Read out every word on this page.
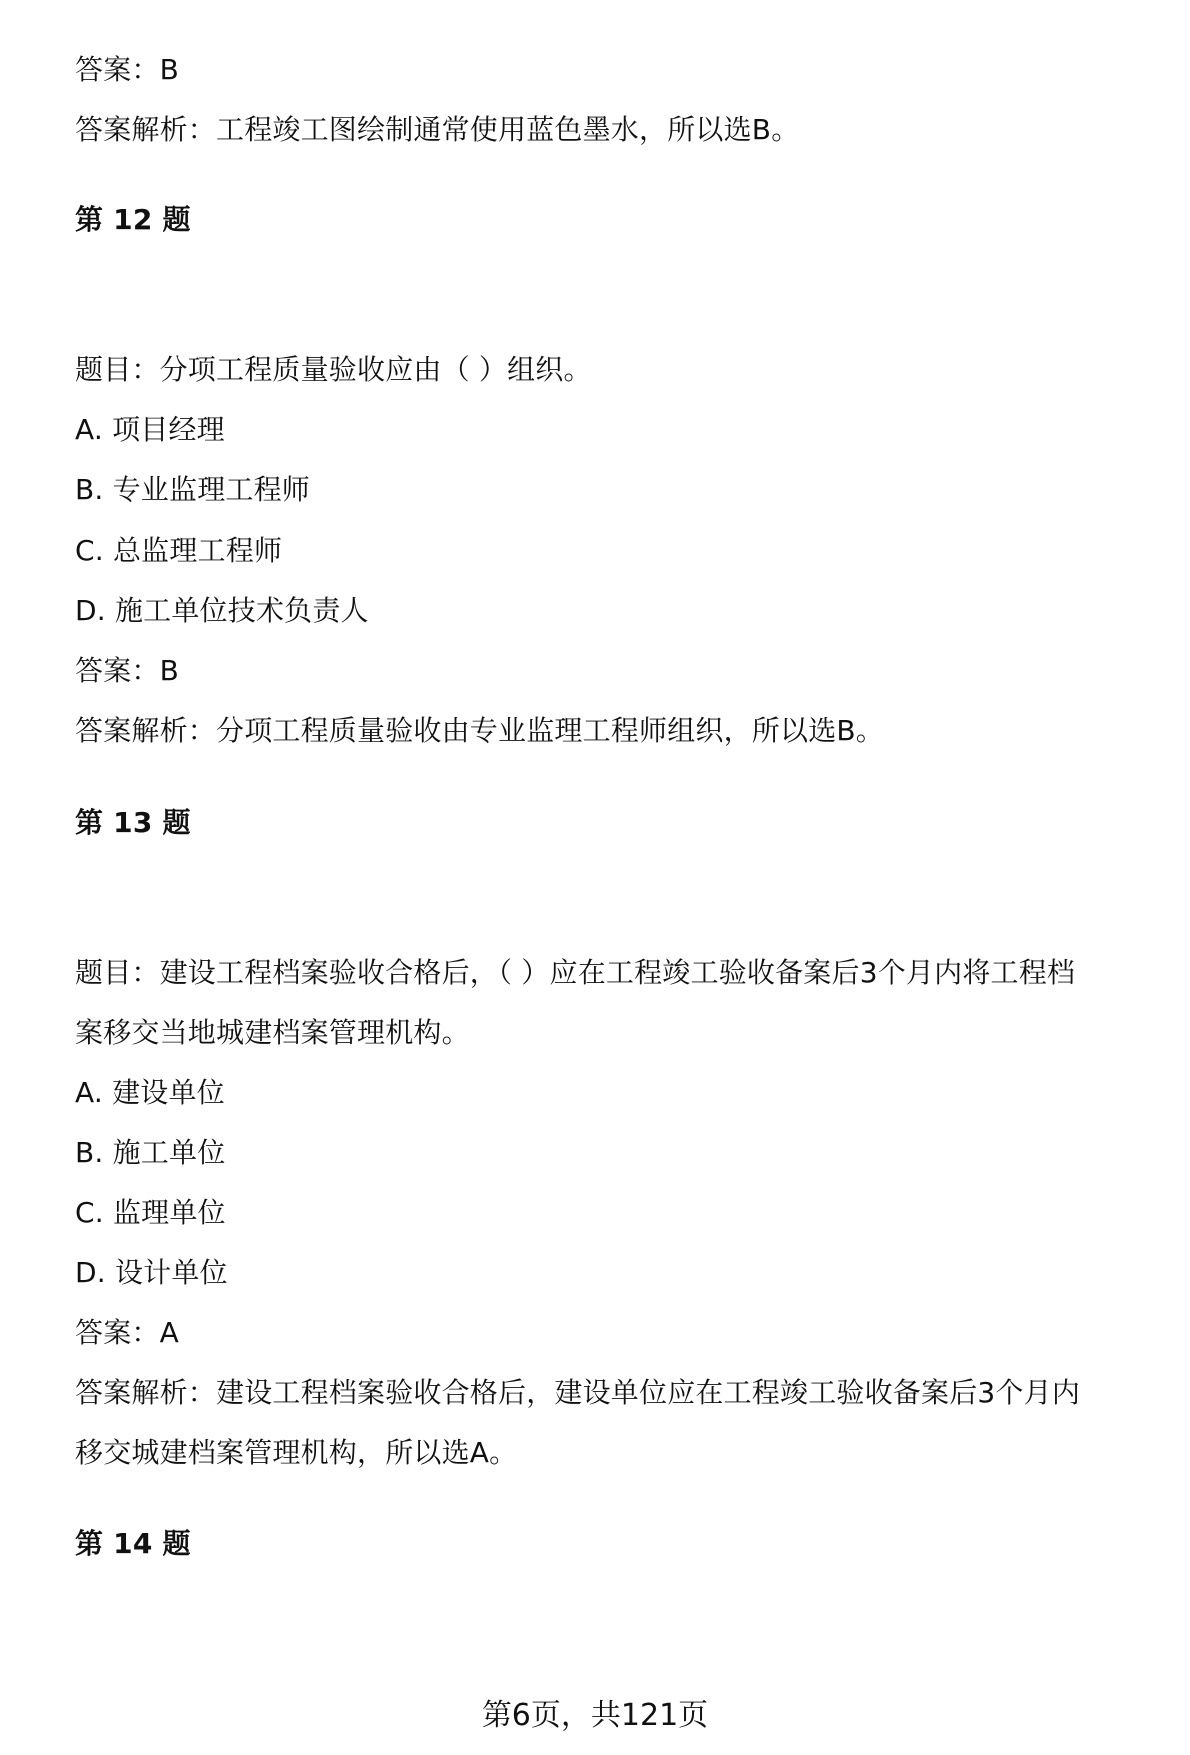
答案：B
答案解析：工程竣工图绘制通常使用蓝色墨水，所以选B。
第 12 题
题目：分项工程质量验收应由（ ）组织。
A. 项目经理
B. 专业监理工程师
C. 总监理工程师
D. 施工单位技术负责人
答案：B
答案解析：分项工程质量验收由专业监理工程师组织，所以选B。
第 13 题
题目：建设工程档案验收合格后，（ ）应在工程竣工验收备案后3个月内将工程档
案移交当地城建档案管理机构。
A. 建设单位
B. 施工单位
C. 监理单位
D. 设计单位
答案：A
答案解析：建设工程档案验收合格后，建设单位应在工程竣工验收备案后3个月内
移交城建档案管理机构，所以选A。
第 14 题
第6页，共121页
